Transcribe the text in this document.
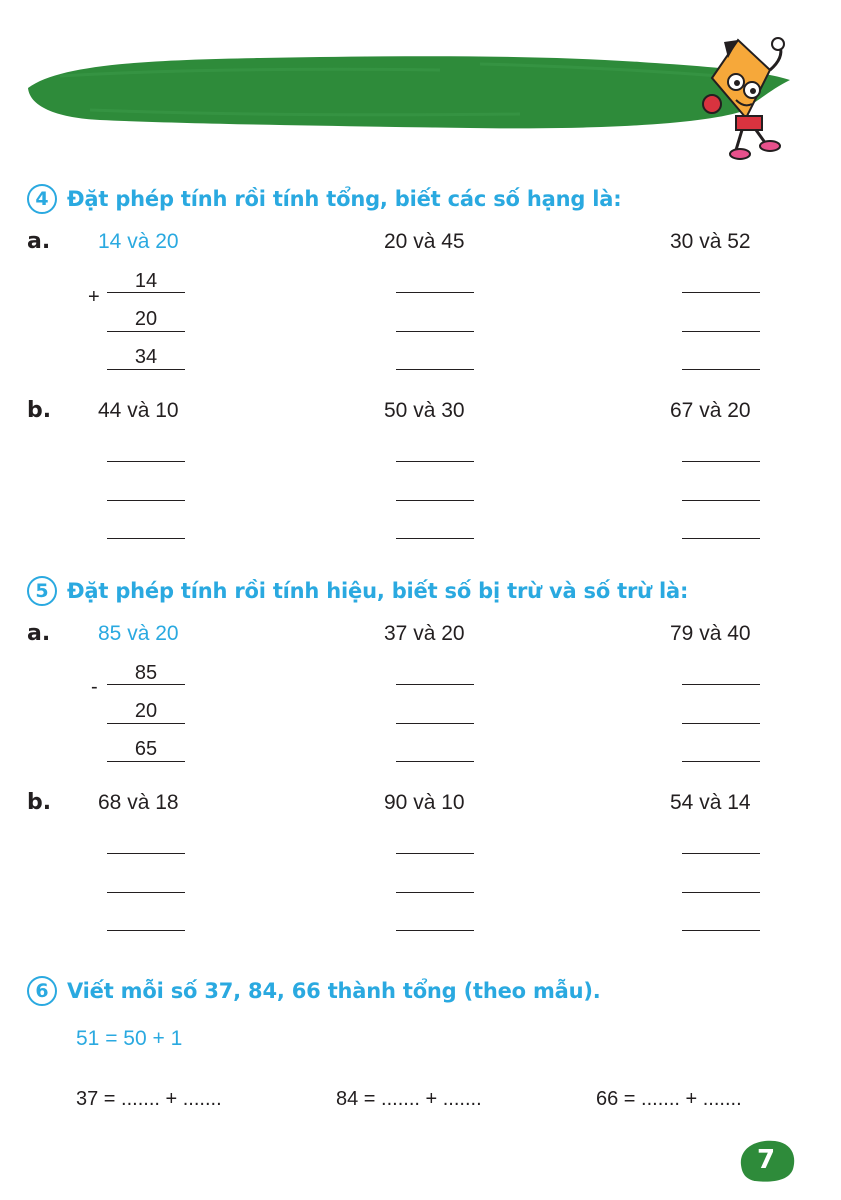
4 Đặt phép tính rồi tính tổng, biết các số hạng là:
a. 14 và 20	20 và 45	30 và 52
+
14
20
34
b. 44 và 10	50 và 30	67 và 20
5 Đặt phép tính rồi tính hiệu, biết số bị trừ và số trừ là:
a. 85 và 20	37 và 20	79 và 40
-
85
20
65
b. 68 và 18	90 và 10	54 và 14
6 Viết mỗi số 37, 84, 66 thành tổng (theo mẫu).
51 = 50 + 1
37 = ....... + .......	84 = ....... + .......	66 = ....... + .......
7
